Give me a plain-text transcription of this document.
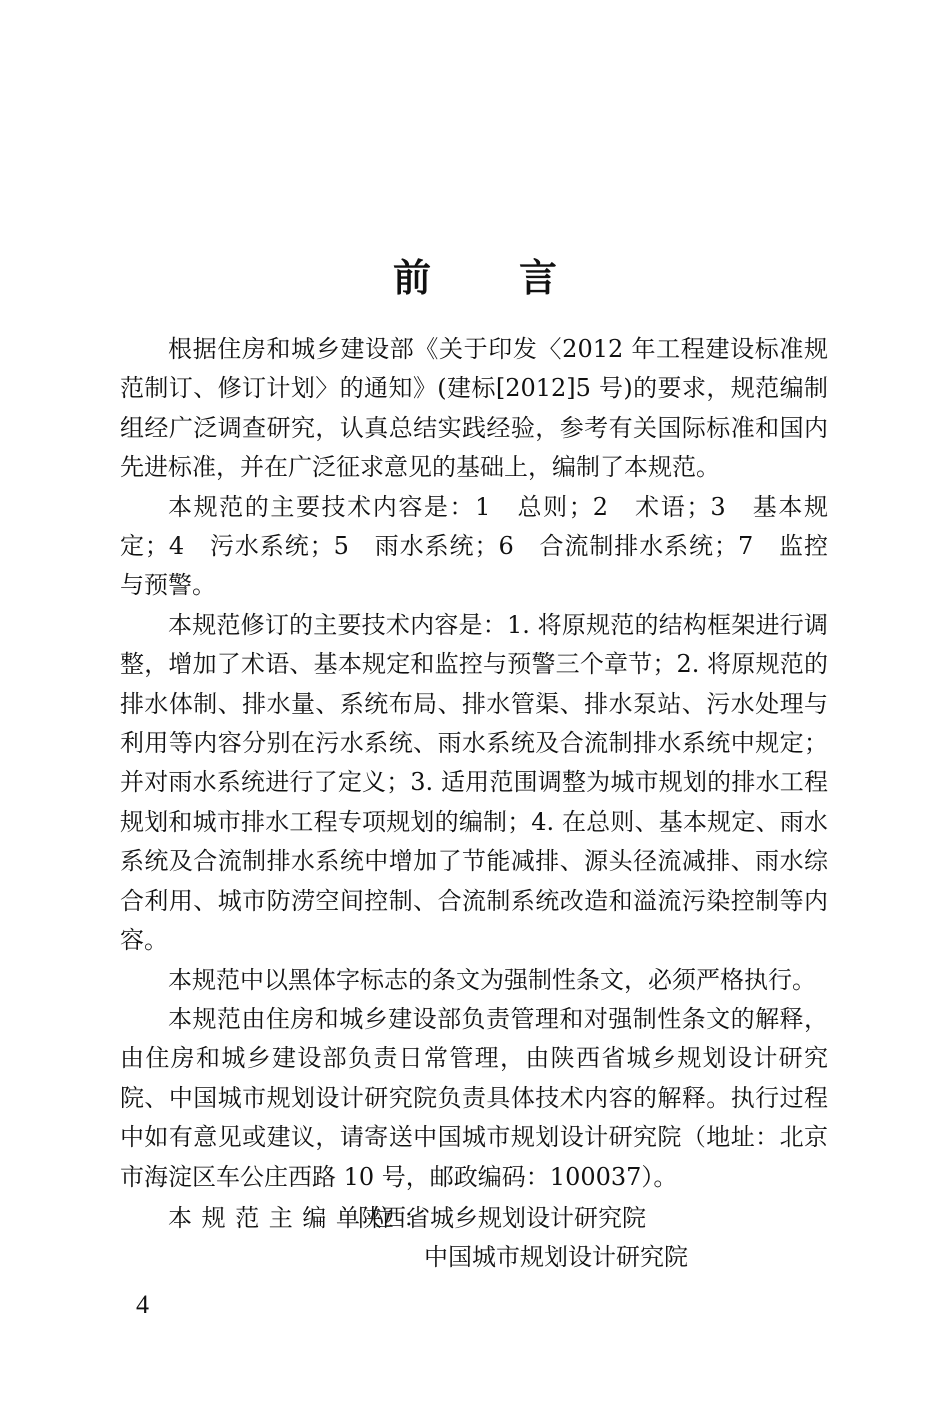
前言

根据住房和城乡建设部《关于印发〈2012 年工程建设标准规范制订、修订计划〉的通知》(建标[2012]5 号)的要求，规范编制组经广泛调查研究，认真总结实践经验，参考有关国际标准和国内先进标准，并在广泛征求意见的基础上，编制了本规范。

本规范的主要技术内容是：1　总则；2　术语；3　基本规定；4　污水系统；5　雨水系统；6　合流制排水系统；7　监控与预警。

本规范修订的主要技术内容是：1. 将原规范的结构框架进行调整，增加了术语、基本规定和监控与预警三个章节；2. 将原规范的排水体制、排水量、系统布局、排水管渠、排水泵站、污水处理与利用等内容分别在污水系统、雨水系统及合流制排水系统中规定；并对雨水系统进行了定义；3. 适用范围调整为城市规划的排水工程规划和城市排水工程专项规划的编制；4. 在总则、基本规定、雨水系统及合流制排水系统中增加了节能减排、源头径流减排、雨水综合利用、城市防涝空间控制、合流制系统改造和溢流污染控制等内容。

本规范中以黑体字标志的条文为强制性条文，必须严格执行。

本规范由住房和城乡建设部负责管理和对强制性条文的解释，由住房和城乡建设部负责日常管理，由陕西省城乡规划设计研究院、中国城市规划设计研究院负责具体技术内容的解释。执行过程中如有意见或建议，请寄送中国城市规划设计研究院（地址：北京市海淀区车公庄西路 10 号，邮政编码：100037）。

本规范主编单位：
陕西省城乡规划设计研究院
中国城市规划设计研究院
4
